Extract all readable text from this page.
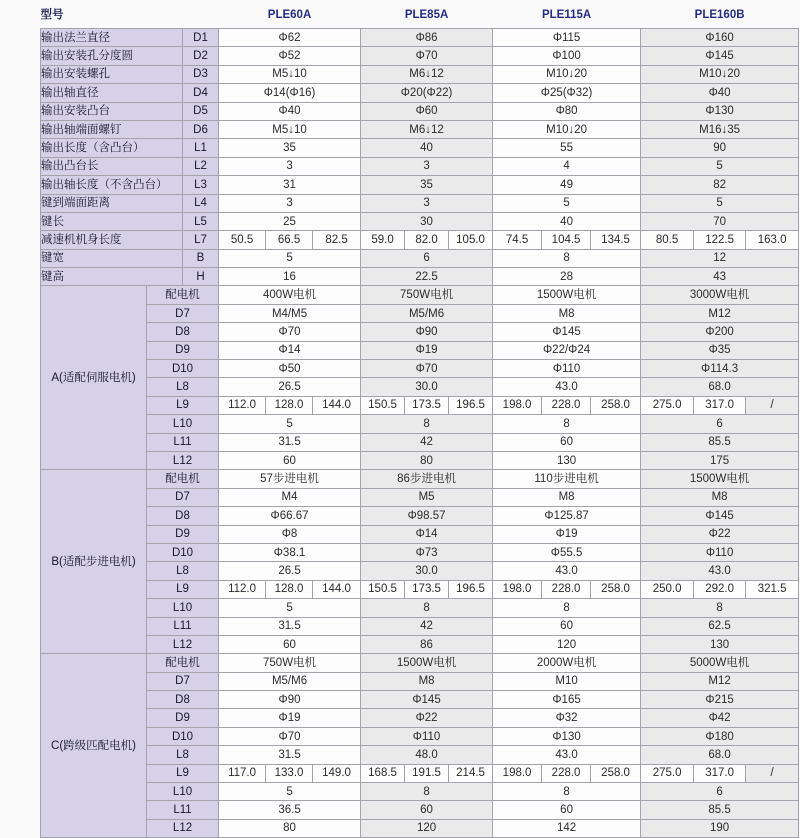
型号			PLE60A			PLE85A			PLE115A			PLE160B		
输出法兰直径		D1	Φ62			Φ86			Φ115			Φ160		
输出安装孔分度圆		D2	Φ52			Φ70			Φ100			Φ145		
输出安装螺孔		D3	M5↓10			M6↓12			M10↓20			M10↓20		
输出轴直径		D4	Φ14(Φ16)			Φ20(Φ22)			Φ25(Φ32)			Φ40		
输出安装凸台		D5	Φ40			Φ60			Φ80			Φ130		
输出轴端面螺钉		D6	M5↓10			M6↓12			M10↓20			M16↓35		
输出长度（含凸台）		L1	35			40			55			90		
输出凸台长		L2	3			3			4			5		
输出轴长度（不含凸台）		L3	31			35			49			82		
键到端面距离		L4	3			3			5			5		
键长		L5	25			30			40			70		
减速机机身长度		L7	50.5	66.5	82.5	59.0	82.0	105.0	74.5	104.5	134.5	80.5	122.5	163.0
键宽		B	5			6			8			12		
键高		H	16			22.5			28			43		
A(适配伺服电机)	配电机		400W电机			750W电机			1500W电机			3000W电机		
	D7		M4/M5			M5/M6			M8			M12		
	D8		Φ70			Φ90			Φ145			Φ200		
	D9		Φ14			Φ19			Φ22/Φ24			Φ35		
	D10		Φ50			Φ70			Φ110			Φ114.3		
	L8		26.5			30.0			43.0			68.0		
	L9		112.0	128.0	144.0	150.5	173.5	196.5	198.0	228.0	258.0	275.0	317.0	/
	L10		5			8			8			6		
	L11		31.5			42			60			85.5		
	L12		60			80			130			175		
B(适配步进电机)	配电机		57步进电机			86步进电机			110步进电机			1500W电机		
	D7		M4			M5			M8			M8		
	D8		Φ66.67			Φ98.57			Φ125.87			Φ145		
	D9		Φ8			Φ14			Φ19			Φ22		
	D10		Φ38.1			Φ73			Φ55.5			Φ110		
	L8		26.5			30.0			43.0			43.0		
	L9		112.0	128.0	144.0	150.5	173.5	196.5	198.0	228.0	258.0	250.0	292.0	321.5
	L10		5			8			8			8		
	L11		31.5			42			60			62.5		
	L12		60			86			120			130		
C(跨级匹配电机)	配电机		750W电机			1500W电机			2000W电机			5000W电机		
	D7		M5/M6			M8			M10			M12		
	D8		Φ90			Φ145			Φ165			Φ215		
	D9		Φ19			Φ22			Φ32			Φ42		
	D10		Φ70			Φ110			Φ130			Φ180		
	L8		31.5			48.0			43.0			68.0		
	L9		117.0	133.0	149.0	168.5	191.5	214.5	198.0	228.0	258.0	275.0	317.0	/
	L10		5			8			8			6		
	L11		36.5			60			60			85.5		
	L12		80			120			142			190		
